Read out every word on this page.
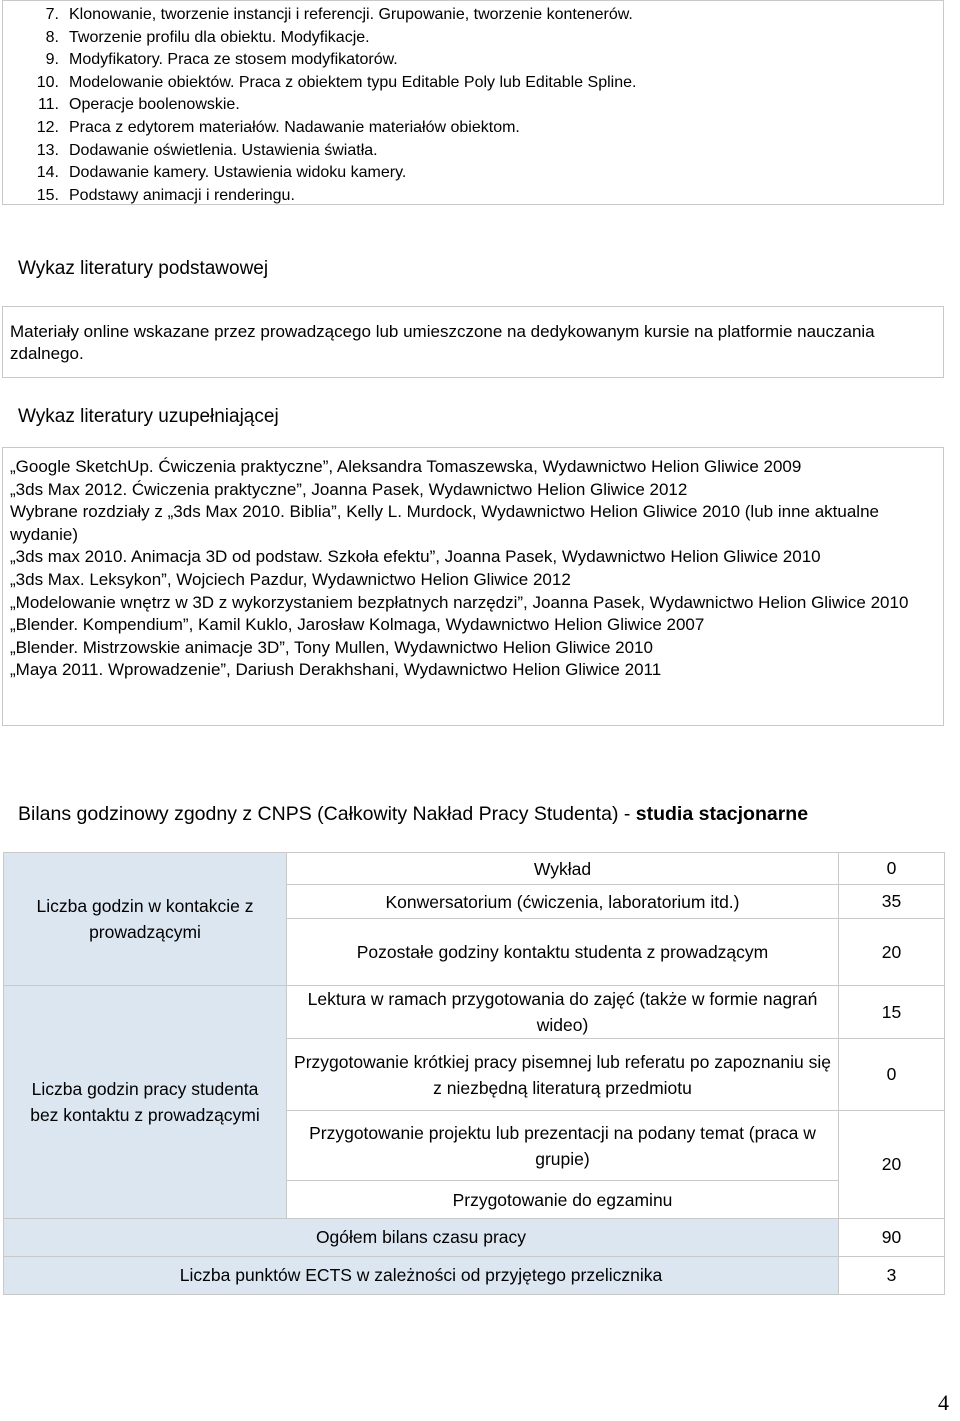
7. Klonowanie, tworzenie instancji i referencji. Grupowanie, tworzenie kontenerów.
8. Tworzenie profilu dla obiektu. Modyfikacje.
9. Modyfikatory. Praca ze stosem modyfikatorów.
10. Modelowanie obiektów. Praca z obiektem typu Editable Poly lub Editable Spline.
11. Operacje boolenowskie.
12. Praca z edytorem materiałów. Nadawanie materiałów obiektom.
13. Dodawanie oświetlenia. Ustawienia światła.
14. Dodawanie kamery. Ustawienia widoku kamery.
15. Podstawy animacji i renderingu.
Wykaz literatury podstawowej
Materiały online wskazane przez prowadzącego lub umieszczone na dedykowanym kursie na platformie nauczania zdalnego.
Wykaz literatury uzupełniającej
„Google SketchUp. Ćwiczenia praktyczne”, Aleksandra Tomaszewska, Wydawnictwo Helion Gliwice 2009
„3ds Max 2012. Ćwiczenia praktyczne”, Joanna Pasek, Wydawnictwo Helion Gliwice 2012
Wybrane rozdziały z „3ds Max 2010. Biblia”, Kelly L. Murdock, Wydawnictwo Helion Gliwice 2010 (lub inne aktualne wydanie)
„3ds max 2010. Animacja 3D od podstaw. Szkoła efektu”, Joanna Pasek, Wydawnictwo Helion Gliwice 2010
„3ds Max. Leksykon”, Wojciech Pazdur, Wydawnictwo Helion Gliwice 2012
„Modelowanie wnętrz w 3D z wykorzystaniem bezpłatnych narzędzi”, Joanna Pasek, Wydawnictwo Helion Gliwice 2010
„Blender. Kompendium”, Kamil Kuklo, Jarosław Kolmaga, Wydawnictwo Helion Gliwice 2007
„Blender. Mistrzowskie animacje 3D”, Tony Mullen, Wydawnictwo Helion Gliwice 2010
„Maya 2011. Wprowadzenie”, Dariush Derakhshani, Wydawnictwo Helion Gliwice 2011
Bilans godzinowy zgodny z CNPS (Całkowity Nakład Pracy Studenta) - studia stacjonarne
Liczba godzin w kontakcie z prowadzącymi	Wykład	0
	Konwersatorium (ćwiczenia, laboratorium itd.)	35
	Pozostałe godziny kontaktu studenta z prowadzącym	20
Liczba godzin pracy studenta bez kontaktu z prowadzącymi	Lektura w ramach przygotowania do zajęć (także w formie nagrań wideo)	15
	Przygotowanie krótkiej pracy pisemnej lub referatu po zapoznaniu się z niezbędną literaturą przedmiotu	0
	Przygotowanie projektu lub prezentacji na podany temat (praca w grupie)	20
	Przygotowanie do egzaminu	
Ogółem bilans czasu pracy		90
Liczba punktów ECTS w zależności od przyjętego przelicznika		3
4
